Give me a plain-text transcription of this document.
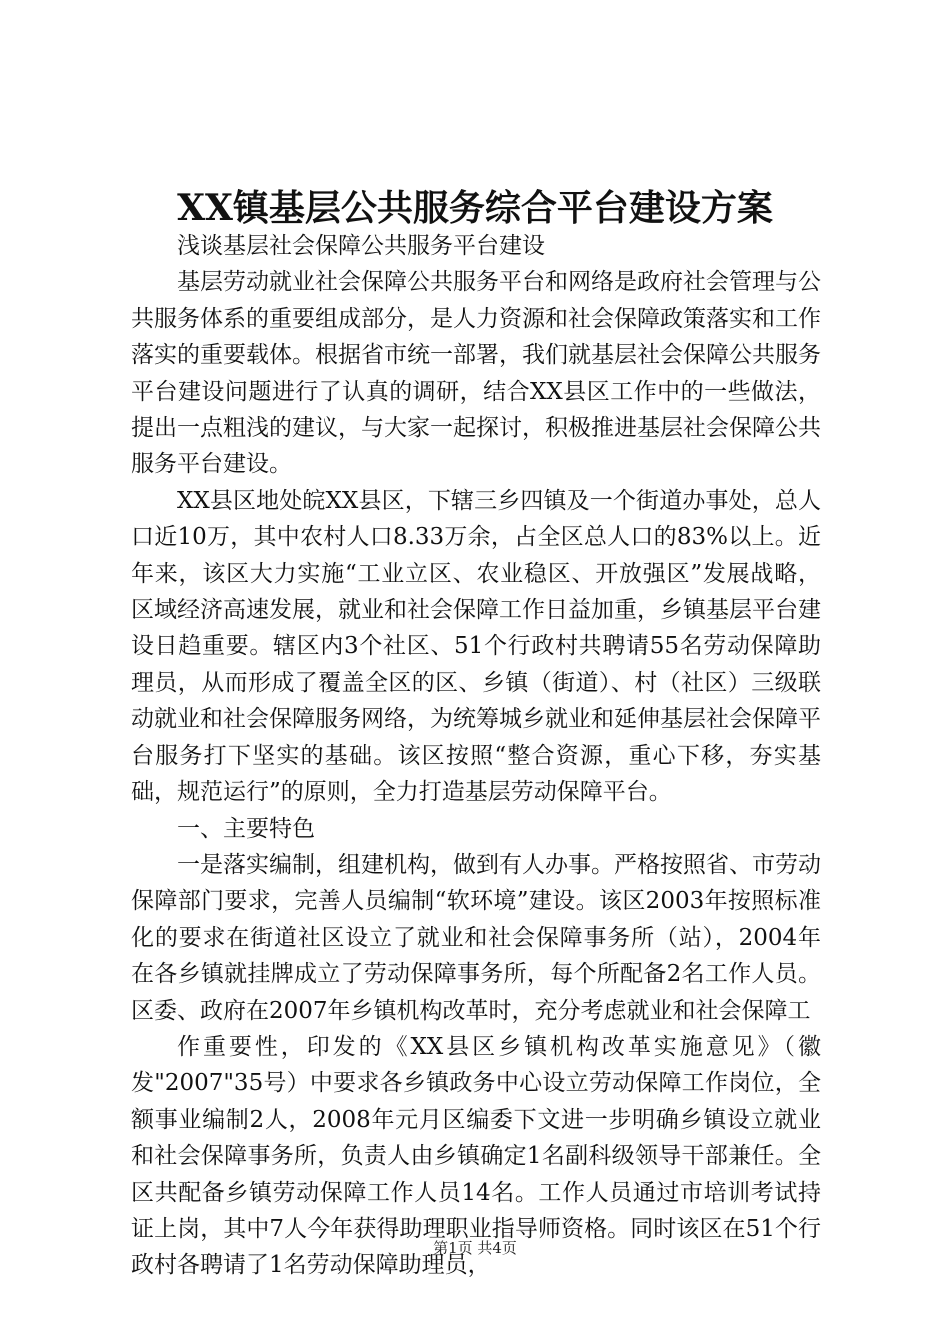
XX镇基层公共服务综合平台建设方案

浅谈基层社会保障公共服务平台建设

基层劳动就业社会保障公共服务平台和网络是政府社会管理与公共服务体系的重要组成部分，是人力资源和社会保障政策落实和工作落实的重要载体。根据省市统一部署，我们就基层社会保障公共服务平台建设问题进行了认真的调研，结合XX县区工作中的一些做法，提出一点粗浅的建议，与大家一起探讨，积极推进基层社会保障公共服务平台建设。

XX县区地处皖XX县区，下辖三乡四镇及一个街道办事处，总人口近10万，其中农村人口8.33万余，占全区总人口的83%以上。近年来，该区大力实施“工业立区、农业稳区、开放强区”发展战略，区域经济高速发展，就业和社会保障工作日益加重，乡镇基层平台建设日趋重要。辖区内3个社区、51个行政村共聘请55名劳动保障助理员，从而形成了覆盖全区的区、乡镇（街道）、村（社区）三级联动就业和社会保障服务网络，为统筹城乡就业和延伸基层社会保障平台服务打下坚实的基础。该区按照“整合资源，重心下移，夯实基础，规范运行”的原则，全力打造基层劳动保障平台。

一、主要特色

一是落实编制，组建机构，做到有人办事。严格按照省、市劳动保障部门要求，完善人员编制“软环境”建设。该区2003年按照标准化的要求在街道社区设立了就业和社会保障事务所（站），2004年在各乡镇就挂牌成立了劳动保障事务所，每个所配备2名工作人员。区委、政府在2007年乡镇机构改革时，充分考虑就业和社会保障工

作重要性，印发的《XX县区乡镇机构改革实施意见》（徽发"2007"35号）中要求各乡镇政务中心设立劳动保障工作岗位，全额事业编制2人，2008年元月区编委下文进一步明确乡镇设立就业和社会保障事务所，负责人由乡镇确定1名副科级领导干部兼任。全区共配备乡镇劳动保障工作人员14名。工作人员通过市培训考试持证上岗，其中7人今年获得助理职业指导师资格。同时该区在51个行政村各聘请了1名劳动保障助理员，

第1页 共4页
